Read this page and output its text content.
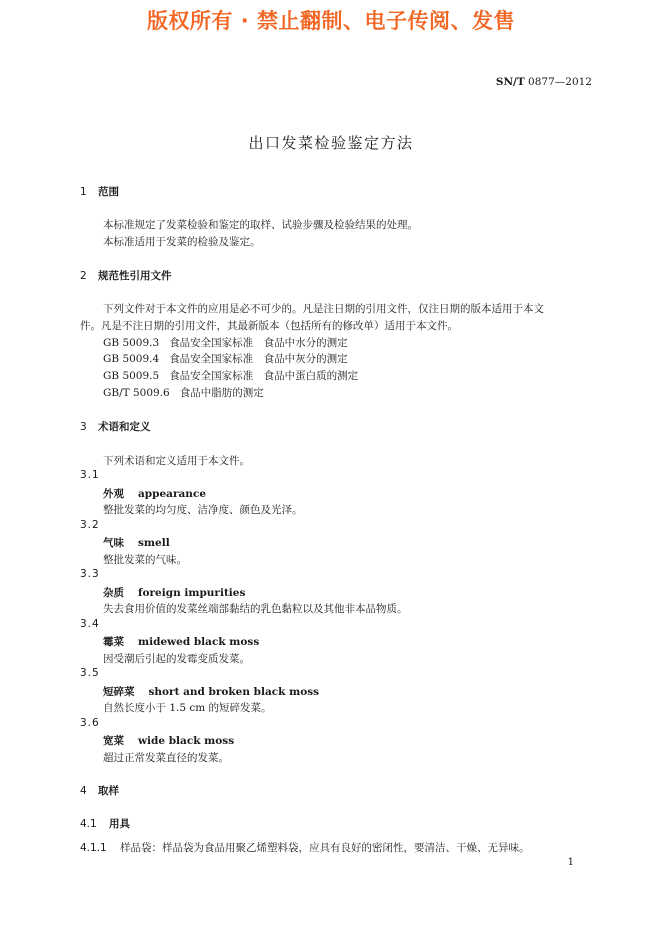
版权所有 · 禁止翻制、电子传阅、发售
SN/T 0877—2012
出口发菜检验鉴定方法
1 范围
本标准规定了发菜检验和鉴定的取样、试验步骤及检验结果的处理。
本标准适用于发菜的检验及鉴定。
2 规范性引用文件
下列文件对于本文件的应用是必不可少的。凡是注日期的引用文件，仅注日期的版本适用于本文
件。凡是不注日期的引用文件，其最新版本（包括所有的修改单）适用于本文件。
GB 5009.3 食品安全国家标准　食品中水分的测定
GB 5009.4 食品安全国家标准　食品中灰分的测定
GB 5009.5 食品安全国家标准　食品中蛋白质的测定
GB/T 5009.6 食品中脂肪的测定
3 术语和定义
下列术语和定义适用于本文件。
3.1
外观 appearance
整批发菜的均匀度、洁净度、颜色及光泽。
3.2
气味 smell
整批发菜的气味。
3.3
杂质 foreign impurities
失去食用价值的发菜丝端部黏结的乳色黏粒以及其他非本品物质。
3.4
霉菜 midewed black moss
因受潮后引起的发霉变质发菜。
3.5
短碎菜 short and broken black moss
自然长度小于 1.5 cm 的短碎发菜。
3.6
宽菜 wide black moss
超过正常发菜直径的发菜。
4 取样
4.1 用具
4.1.1 样品袋：样品袋为食品用聚乙烯塑料袋，应具有良好的密闭性，要清洁、干燥、无异味。
1
